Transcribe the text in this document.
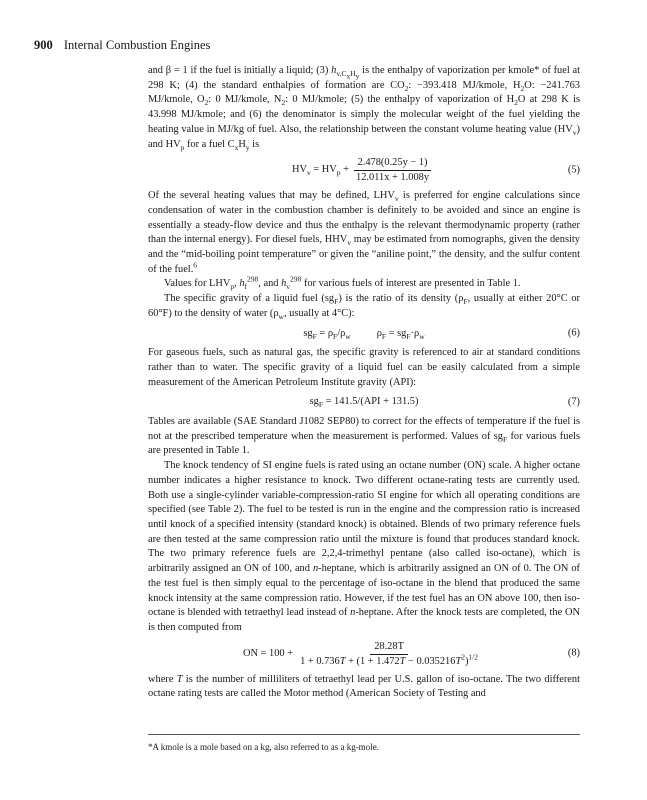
900 Internal Combustion Engines

and β = 1 if the fuel is initially a liquid; (3) $h_{v,C_xH_y}$ is the enthalpy of vaporization per kmole* of fuel at 298 K; (4) the standard enthalpies of formation are $CO_2$: −393.418 MJ/kmole, $H_2O$: −241.763 MJ/kmole, $O_2$: 0 MJ/kmole, $N_2$: 0 MJ/kmole; (5) the enthalpy of vaporization of $H_2O$ at 298 K is 43.998 MJ/kmole; and (6) the denominator is simply the molecular weight of the fuel yielding the heating value in MJ/kg of fuel. Also, the relationship between the constant volume heating value $(HV_v)$ and $HV_p$ for a fuel $C_xH_y$ is

$HV_v = HV_p + \frac{2.478(0.25y - 1)}{12.011x + 1.008y}$	(5)

Of the several heating values that may be defined, $LHV_v$ is preferred for engine calculations since condensation of water in the combustion chamber is definitely to be avoided and since an engine is essentially a steady-flow device and thus the enthalpy is the relevant thermodynamic property (rather than the internal energy). For diesel fuels, $HHV_v$ may be estimated from nomographs, given the density and the “mid-boiling point temperature” or given the “aniline point,” the density, and the sulfur content of the fuel.$^6$

Values for $LHV_p$, $h_f^{298}$, and $h_v^{298}$ for various fuels of interest are presented in Table 1.

The specific gravity of a liquid fuel $(sg_F)$ is the ratio of its density ($\rho_F$, usually at either 20°C or 60°F) to the density of water ($\rho_w$, usually at 4°C):

$sg_F = \rho_F/\rho_w$	$\rho_F = sg_F\cdot\rho_w$	(6)

For gaseous fuels, such as natural gas, the specific gravity is referenced to air at standard conditions rather than to water. The specific gravity of a liquid fuel can be easily calculated from a simple measurement of the American Petroleum Institute gravity (API):

$sg_F = 141.5/(API + 131.5)$	(7)

Tables are available (SAE Standard J1082 SEP80) to correct for the effects of temperature if the fuel is not at the prescribed temperature when the measurement is performed. Values of $sg_F$ for various fuels are presented in Table 1.

The knock tendency of SI engine fuels is rated using an octane number (ON) scale. A higher octane number indicates a higher resistance to knock. Two different octane-rating tests are currently used. Both use a single-cylinder variable-compression-ratio SI engine for which all operating conditions are specified (see Table 2). The fuel to be tested is run in the engine and the compression ratio is increased until knock of a specified intensity (standard knock) is obtained. Blends of two primary reference fuels are then tested at the same compression ratio until the mixture is found that produces standard knock. The two primary reference fuels are 2,2,4-trimethyl pentane (also called iso-octane), which is arbitrarily assigned an ON of 100, and n-heptane, which is arbitrarily assigned an ON of 0. The ON of the test fuel is then simply equal to the percentage of iso-octane in the blend that produced the same knock intensity at the same compression ratio. However, if the test fuel has an ON above 100, then iso-octane is blended with tetraethyl lead instead of n-heptane. After the knock tests are completed, the ON is then computed from

ON = $100 + \frac{28.28T}{1 + 0.736T + (1 + 1.472T - 0.035216T^2)^{1/2}}$	(8)

where T is the number of milliliters of tetraethyl lead per U.S. gallon of iso-octane. The two different octane rating tests are called the Motor method (American Society of Testing and

*A kmole is a mole based on a kg, also referred to as a kg-mole.
